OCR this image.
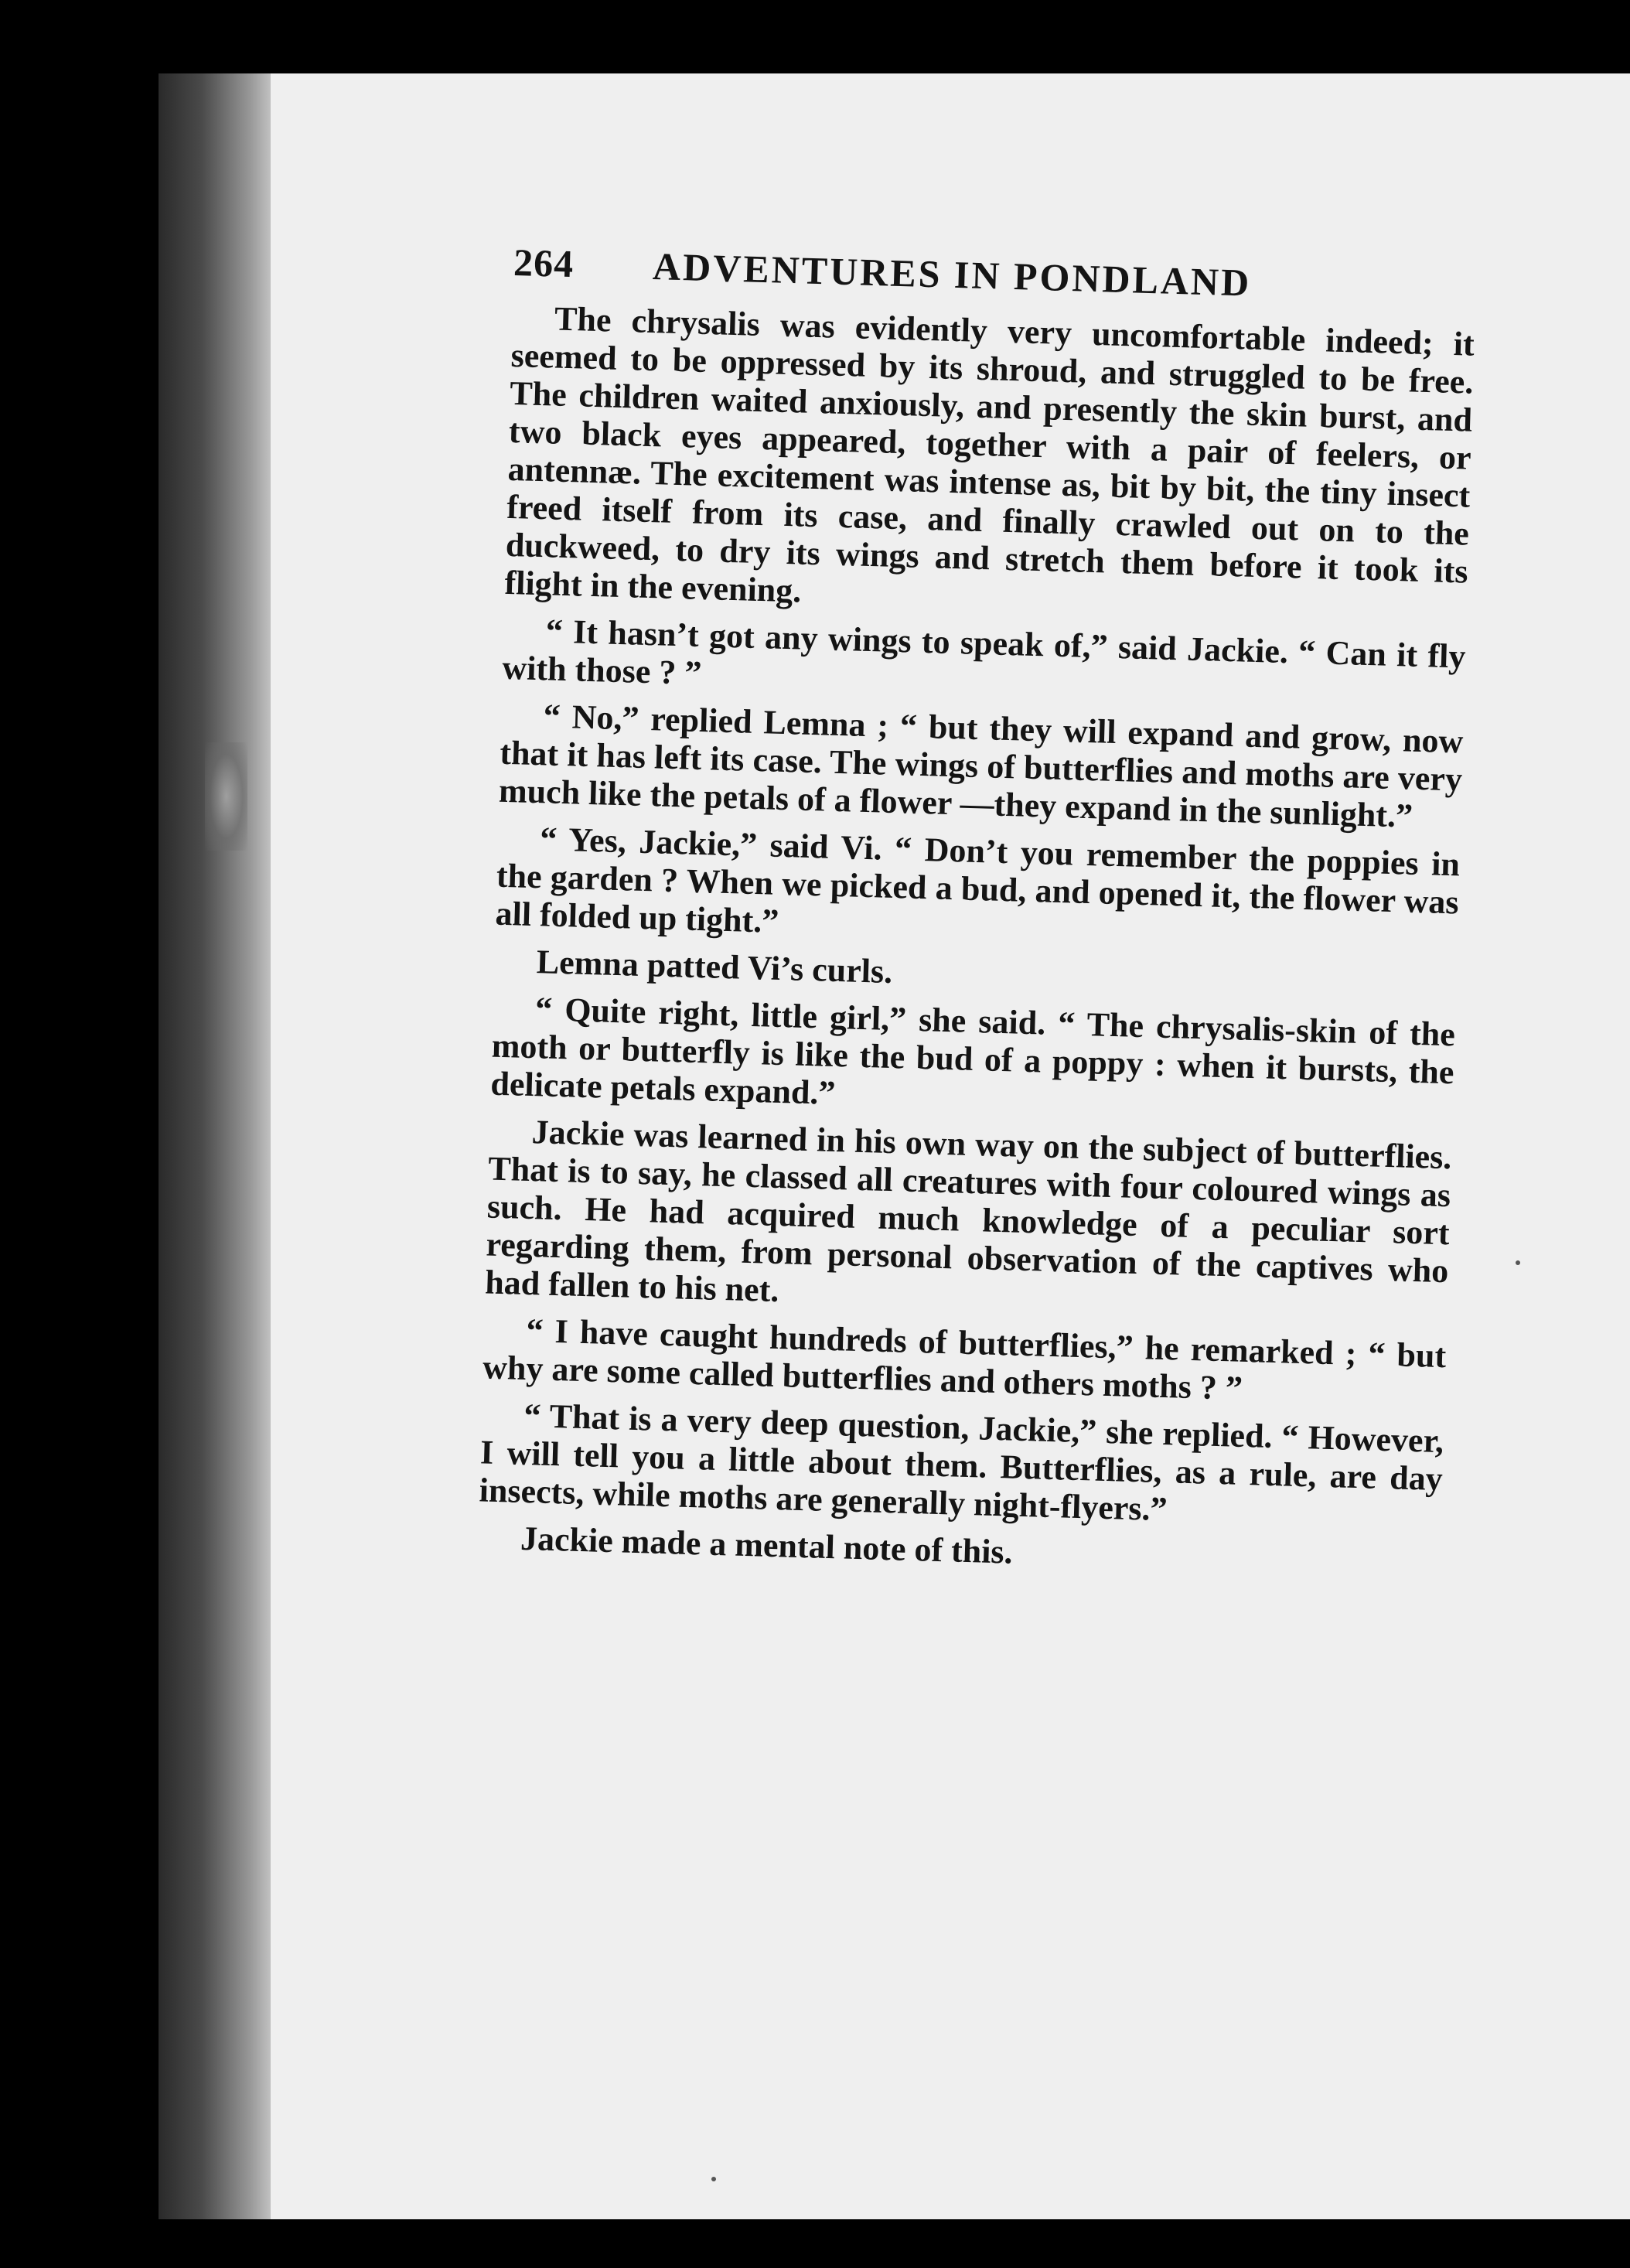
264	ADVENTURES IN PONDLAND

The chrysalis was evidently very uncomfortable indeed; it seemed to be oppressed by its shroud, and struggled to be free. The children waited anxiously, and presently the skin burst, and two black eyes appeared, together with a pair of feelers, or antennæ. The excitement was intense as, bit by bit, the tiny insect freed itself from its case, and finally crawled out on to the duckweed, to dry its wings and stretch them before it took its flight in the evening.

“ It hasn’t got any wings to speak of,” said Jackie. “ Can it fly with those ? ”

“ No,” replied Lemna ; “ but they will expand and grow, now that it has left its case. The wings of butterflies and moths are very much like the petals of a flower —they expand in the sunlight.”

“ Yes, Jackie,” said Vi. “ Don’t you remember the poppies in the garden ? When we picked a bud, and opened it, the flower was all folded up tight.”

Lemna patted Vi’s curls.

“ Quite right, little girl,” she said. “ The chrysalis-skin of the moth or butterfly is like the bud of a poppy : when it bursts, the delicate petals expand.”

Jackie was learned in his own way on the subject of butterflies. That is to say, he classed all creatures with four coloured wings as such. He had acquired much knowledge of a peculiar sort regarding them, from personal observation of the captives who had fallen to his net.

“ I have caught hundreds of butterflies,” he remarked ; “ but why are some called butterflies and others moths ? ”

“ That is a very deep question, Jackie,” she replied. “ However, I will tell you a little about them. Butterflies, as a rule, are day insects, while moths are generally night-flyers.”

Jackie made a mental note of this.
